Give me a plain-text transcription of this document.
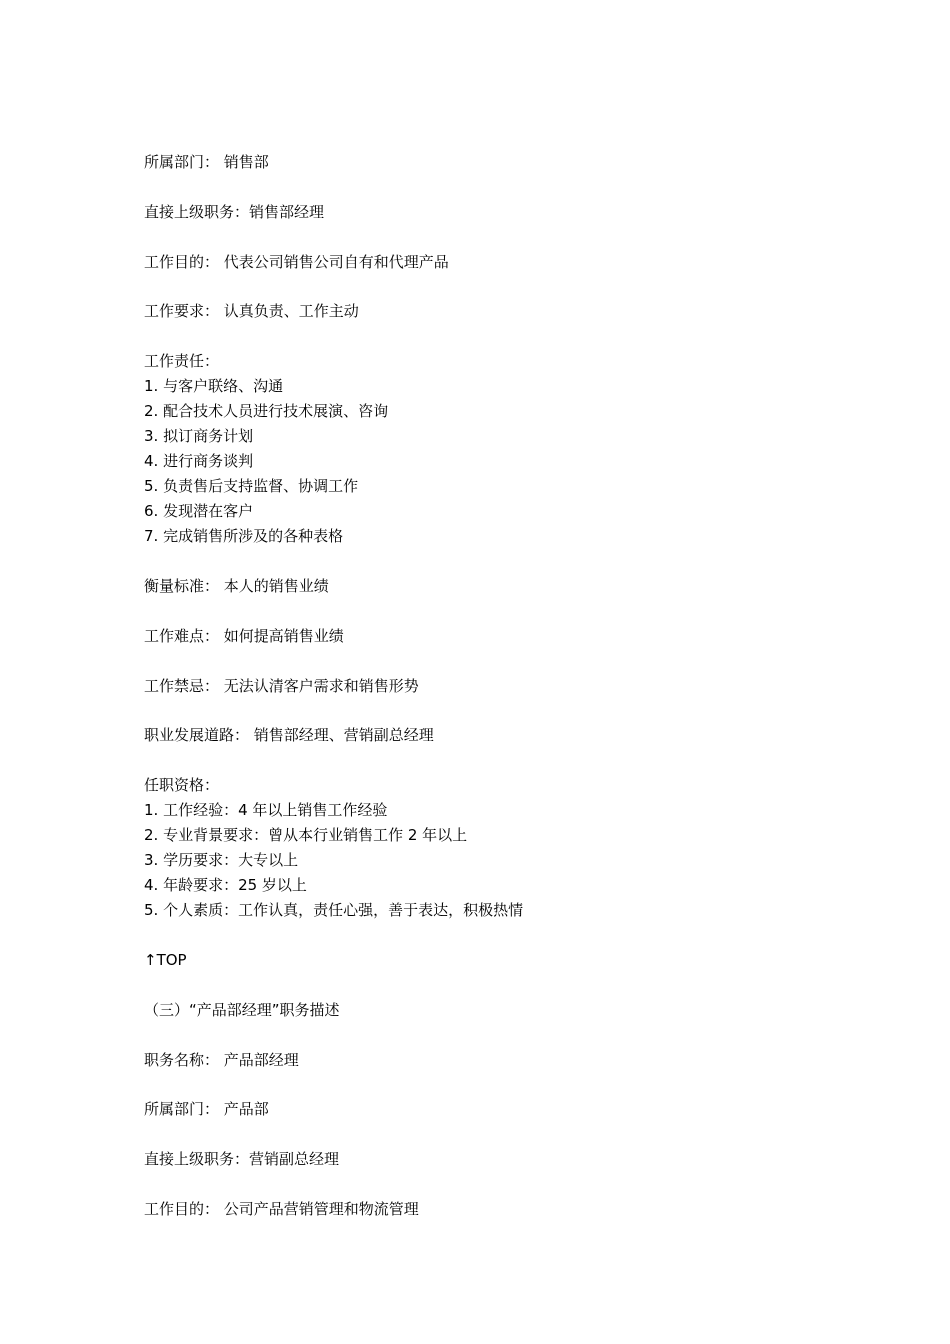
所属部门： 销售部
直接上级职务：销售部经理
工作目的： 代表公司销售公司自有和代理产品
工作要求： 认真负责、工作主动
工作责任：
1. 与客户联络、沟通
2. 配合技术人员进行技术展演、咨询
3. 拟订商务计划
4. 进行商务谈判
5. 负责售后支持监督、协调工作
6. 发现潜在客户
7. 完成销售所涉及的各种表格
衡量标准： 本人的销售业绩
工作难点： 如何提高销售业绩
工作禁忌： 无法认清客户需求和销售形势
职业发展道路： 销售部经理、营销副总经理
任职资格：
1. 工作经验：4 年以上销售工作经验
2. 专业背景要求：曾从本行业销售工作 2 年以上
3. 学历要求：大专以上
4. 年龄要求：25 岁以上
5. 个人素质：工作认真，责任心强，善于表达，积极热情
↑TOP
（三）“产品部经理”职务描述
职务名称： 产品部经理
所属部门： 产品部
直接上级职务：营销副总经理
工作目的： 公司产品营销管理和物流管理
